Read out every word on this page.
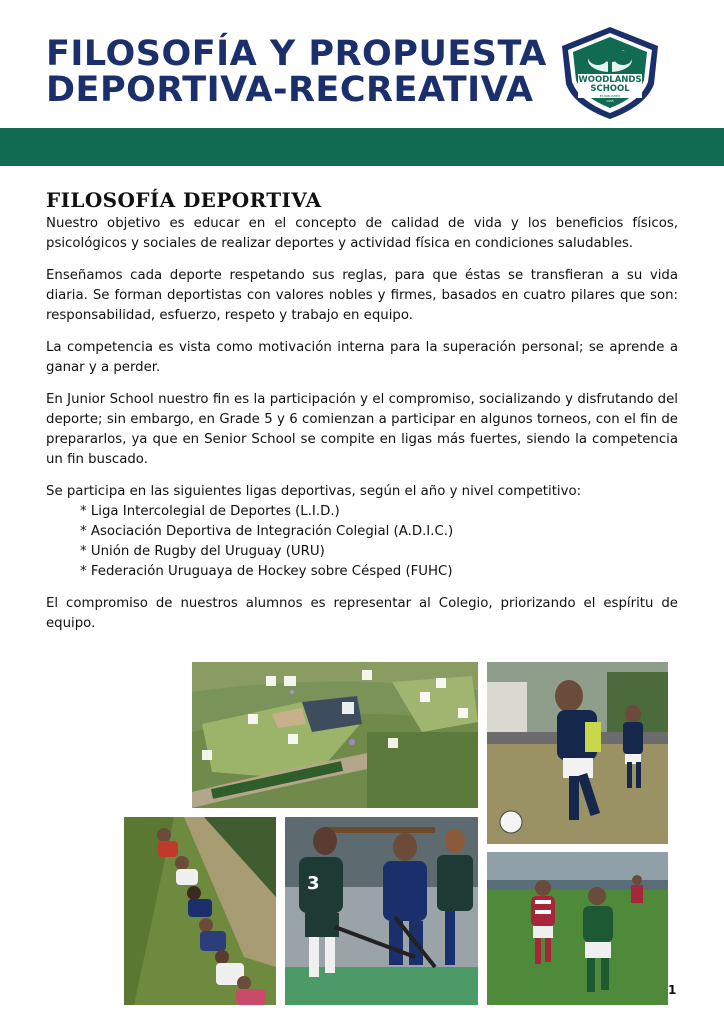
FILOSOFÍA Y PROPUESTA
DEPORTIVA-RECREATIVA	WOODLANDS
SCHOOL
ESTABLISHED
1995
FILOSOFÍA DEPORTIVA

Nuestro objetivo es educar en el concepto de calidad de vida y los beneficios físicos, psicológicos y sociales de realizar deportes y actividad física en condiciones saludables.

Enseñamos cada deporte respetando sus reglas, para que éstas se transfieran a su vida diaria. Se forman deportistas con valores nobles y firmes, basados en cuatro pilares que son: responsabilidad, esfuerzo, respeto y trabajo en equipo.

La competencia es vista como motivación interna para la superación personal; se aprende a ganar y a perder.

En Junior School nuestro fin es la participación y el compromiso, socializando y disfrutando del deporte; sin embargo, en Grade 5 y 6 comienzan a participar en algunos torneos, con el fin de prepararlos, ya que en Senior School se compite en ligas más fuertes, siendo la competencia un fin buscado.

Se participa en las siguientes ligas deportivas, según el año y nivel competitivo:

* Liga Intercolegial de Deportes (L.I.D.)
* Asociación Deportiva de Integración Colegial (A.D.I.C.)
* Unión de Rugby del Uruguay (URU)
* Federación Uruguaya de Hockey sobre Césped (FUHC)

El compromiso de nuestros alumnos es representar al Colegio, priorizando el espíritu de equipo.

3
1
